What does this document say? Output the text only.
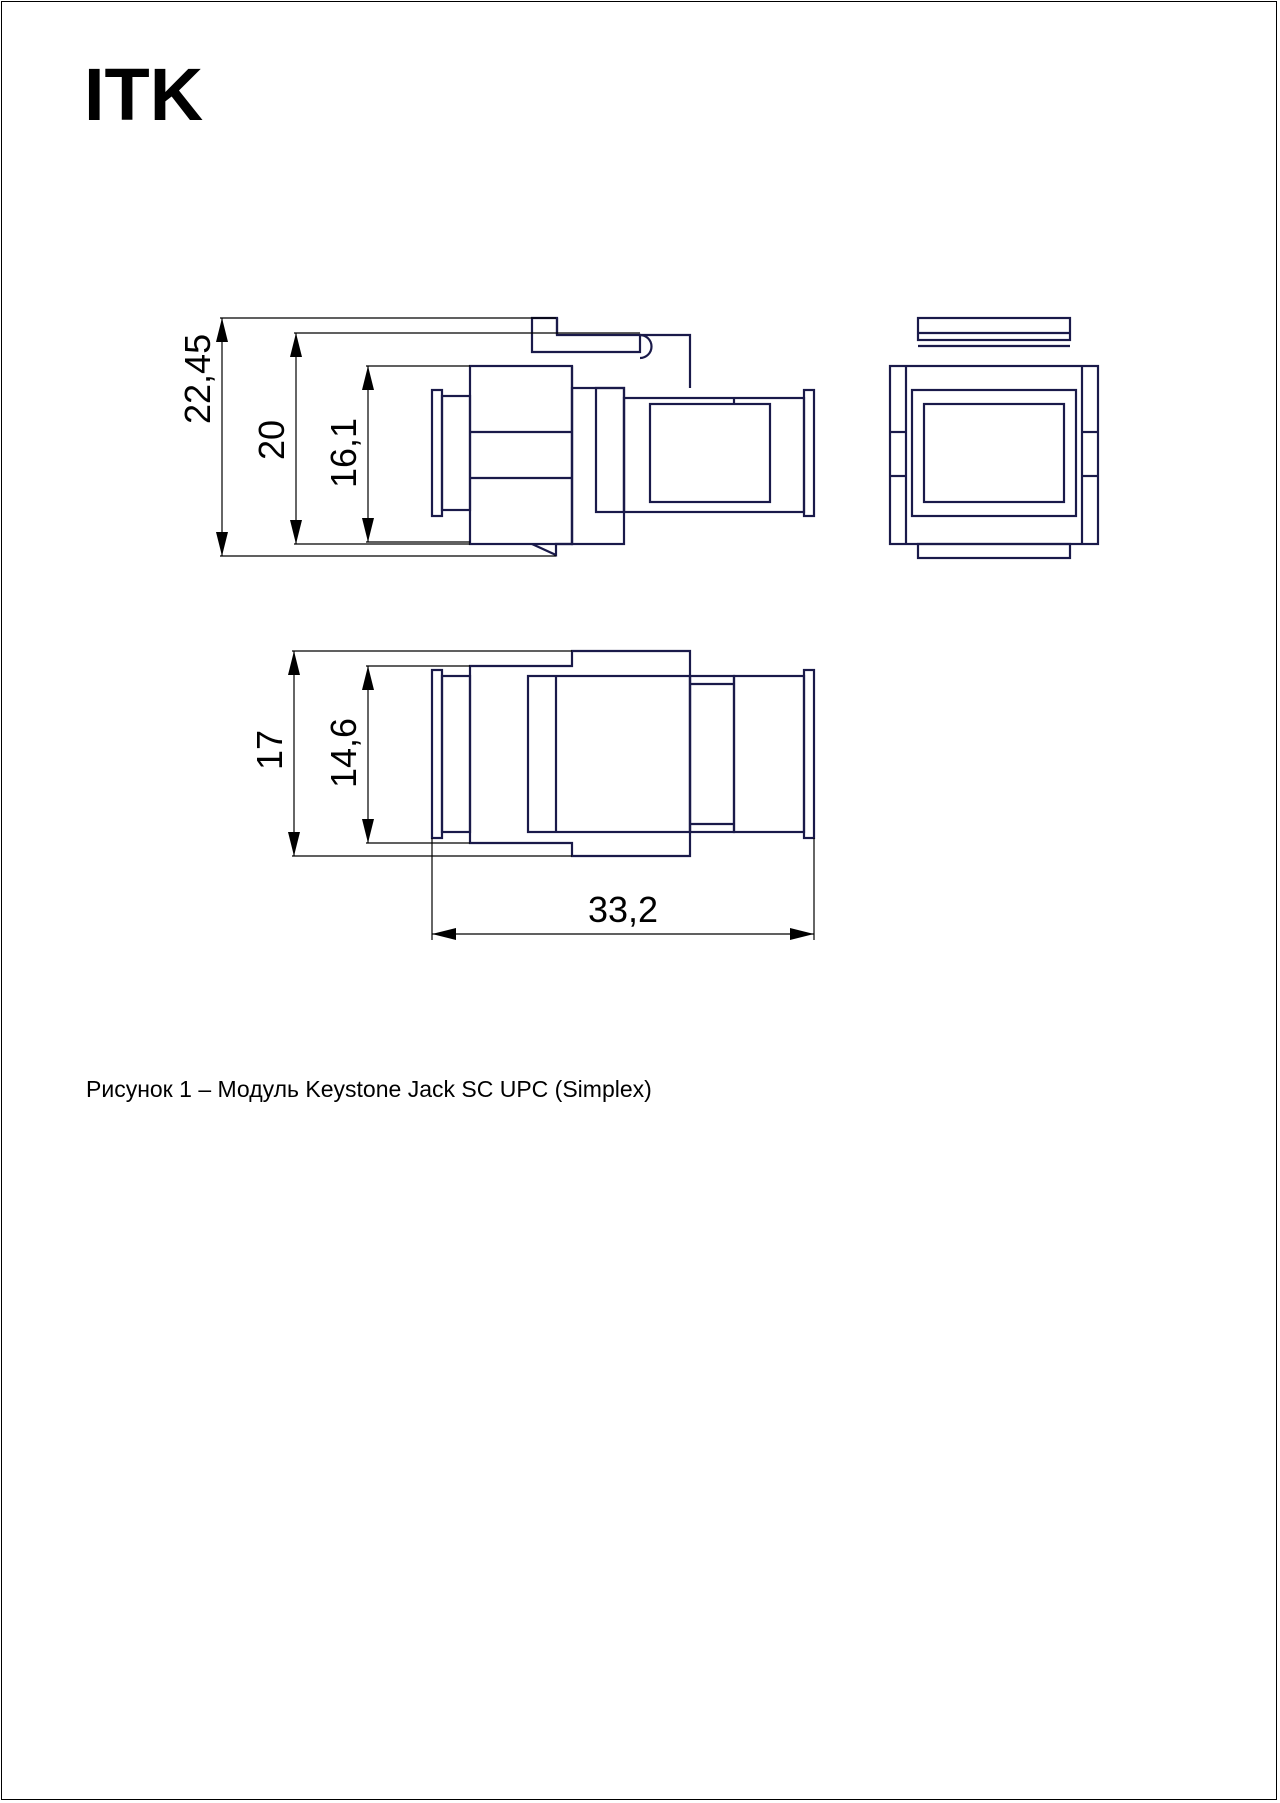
ITK
22,45
20 16,1
17 14,6
33,2
Рисунок 1 – Модуль Keystone Jack SC UPC (Simplex)
